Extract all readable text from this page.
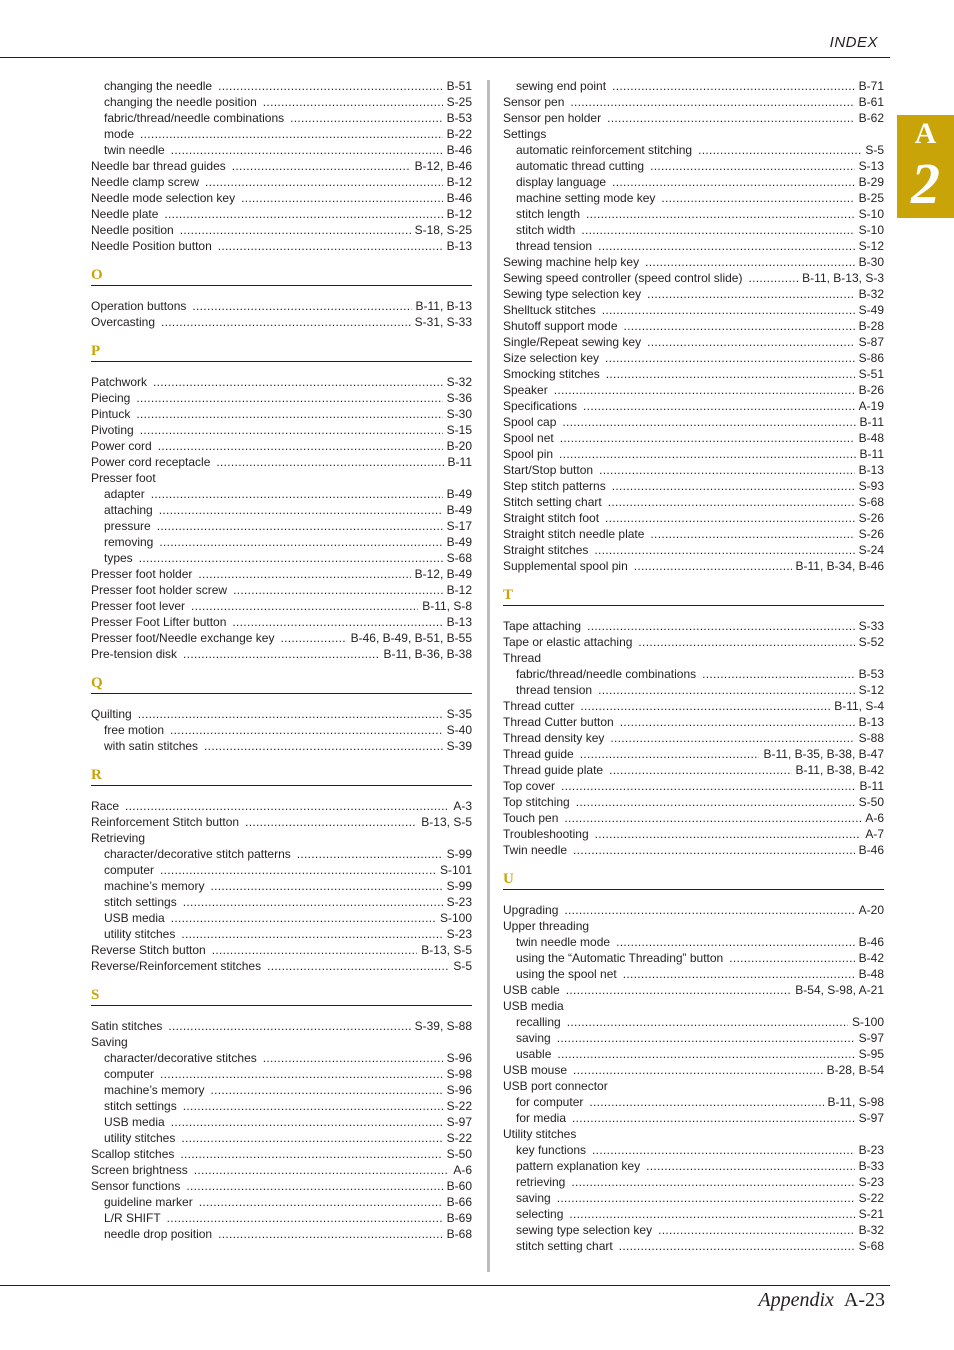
INDEX
A
2
changing the needle .....	B-51
changing the needle position .....	S-25
fabric/thread/needle combinations .....	B-53
mode .....	B-22
twin needle .....	B-46
Needle bar thread guides .....	B-12, B-46
Needle clamp screw .....	B-12
Needle mode selection key .....	B-46
Needle plate .....	B-12
Needle position .....	S-18, S-25
Needle Position button .....	B-13
O
Operation buttons .....	B-11, B-13
Overcasting .....	S-31, S-33
P
Patchwork .....	S-32
Piecing .....	S-36
Pintuck .....	S-30
Pivoting .....	S-15
Power cord .....	B-20
Power cord receptacle .....	B-11
Presser foot
adapter .....	B-49
attaching .....	B-49
pressure .....	S-17
removing .....	B-49
types .....	S-68
Presser foot holder .....	B-12, B-49
Presser foot holder screw .....	B-12
Presser foot lever .....	B-11, S-8
Presser Foot Lifter button .....	B-13
Presser foot/Needle exchange key .....	B-46, B-49, B-51, B-55
Pre-tension disk .....	B-11, B-36, B-38
Q
Quilting .....	S-35
free motion .....	S-40
with satin stitches .....	S-39
R
Race .....	A-3
Reinforcement Stitch button .....	B-13, S-5
Retrieving
character/decorative stitch patterns .....	S-99
computer .....	S-101
machine’s memory .....	S-99
stitch settings .....	S-23
USB media .....	S-100
utility stitches .....	S-23
Reverse Stitch button .....	B-13, S-5
Reverse/Reinforcement stitches .....	S-5
S
Satin stitches .....	S-39, S-88
Saving
character/decorative stitches .....	S-96
computer .....	S-98
machine’s memory .....	S-96
stitch settings .....	S-22
USB media .....	S-97
utility stitches .....	S-22
Scallop stitches .....	S-50
Screen brightness .....	A-6
Sensor functions .....	B-60
guideline marker .....	B-66
L/R SHIFT .....	B-69
needle drop position .....	B-68
sewing end point .....	B-71
Sensor pen .....	B-61
Sensor pen holder .....	B-62
Settings
automatic reinforcement stitching .....	S-5
automatic thread cutting .....	S-13
display language .....	B-29
machine setting mode key .....	B-25
stitch length .....	S-10
stitch width .....	S-10
thread tension .....	S-12
Sewing machine help key .....	B-30
Sewing speed controller (speed control slide) .....	B-11, B-13, S-3
Sewing type selection key .....	B-32
Shelltuck stitches .....	S-49
Shutoff support mode .....	B-28
Single/Repeat sewing key .....	S-87
Size selection key .....	S-86
Smocking stitches .....	S-51
Speaker .....	B-26
Specifications .....	A-19
Spool cap .....	B-11
Spool net .....	B-48
Spool pin .....	B-11
Start/Stop button .....	B-13
Step stitch patterns .....	S-93
Stitch setting chart .....	S-68
Straight stitch foot .....	S-26
Straight stitch needle plate .....	S-26
Straight stitches .....	S-24
Supplemental spool pin .....	B-11, B-34, B-46
T
Tape attaching .....	S-33
Tape or elastic attaching .....	S-52
Thread
fabric/thread/needle combinations .....	B-53
thread tension .....	S-12
Thread cutter .....	B-11, S-4
Thread Cutter button .....	B-13
Thread density key .....	S-88
Thread guide .....	B-11, B-35, B-38, B-47
Thread guide plate .....	B-11, B-38, B-42
Top cover .....	B-11
Top stitching .....	S-50
Touch pen .....	A-6
Troubleshooting .....	A-7
Twin needle .....	B-46
U
Upgrading .....	A-20
Upper threading
twin needle mode .....	B-46
using the “Automatic Threading” button .....	B-42
using the spool net .....	B-48
USB cable .....	B-54, S-98, A-21
USB media
recalling .....	S-100
saving .....	S-97
usable .....	S-95
USB mouse .....	B-28, B-54
USB port connector
for computer .....	B-11, S-98
for media .....	S-97
Utility stitches
key functions .....	B-23
pattern explanation key .....	B-33
retrieving .....	S-23
saving .....	S-22
selecting .....	S-21
sewing type selection key .....	B-32
stitch setting chart .....	S-68
Appendix A-23
